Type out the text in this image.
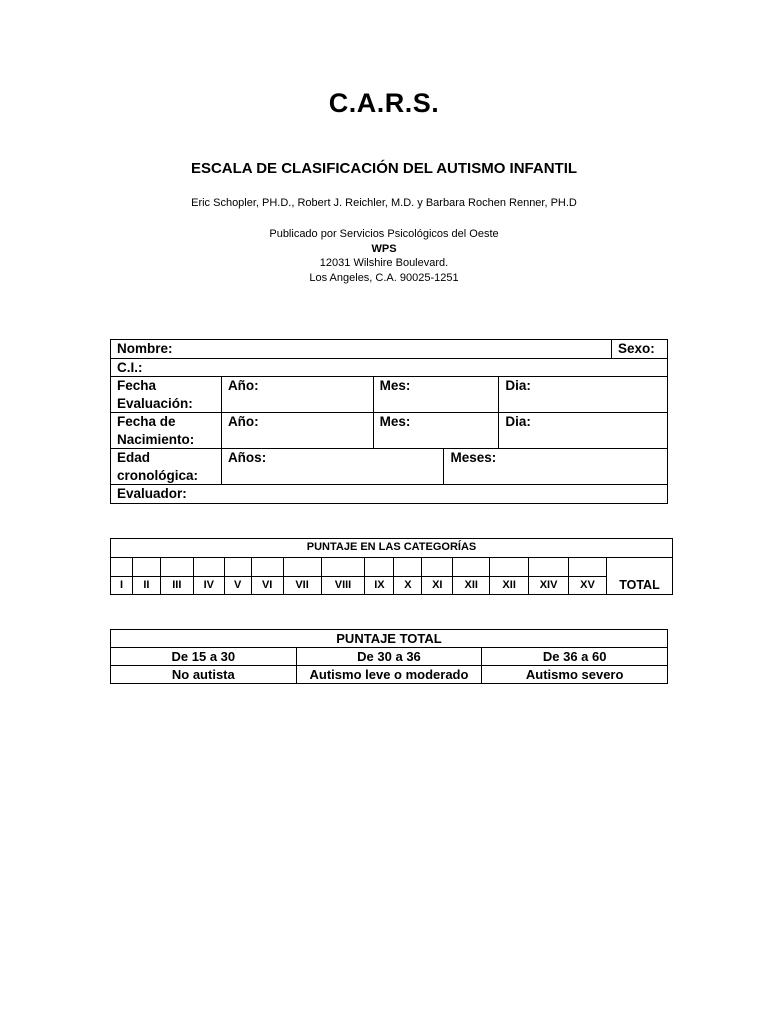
C.A.R.S.
ESCALA DE CLASIFICACIÓN DEL AUTISMO INFANTIL
Eric Schopler, PH.D., Robert J. Reichler, M.D. y Barbara Rochen Renner, PH.D
Publicado por Servicios Psicológicos del Oeste
WPS
12031 Wilshire Boulevard.
Los Angeles, C.A. 90025-1251
Nombre:					Sexo:
C.I.:					
Fecha
Evaluación:	Año:	Mes:		Dia:	
Fecha de
Nacimiento:	Año:	Mes:		Dia:	
Edad
cronológica:	Años:		Meses:		
Evaluador:					
PUNTAJE EN LAS CATEGORÍAS															
															TOTAL
I	II	III	IV	V	VI	VII	VIII	IX	X	XI	XII	XII	XIV	XV	
PUNTAJE TOTAL		
De 15 a 30	De 30 a 36	De 36 a 60
No autista	Autismo leve o moderado	Autismo severo
